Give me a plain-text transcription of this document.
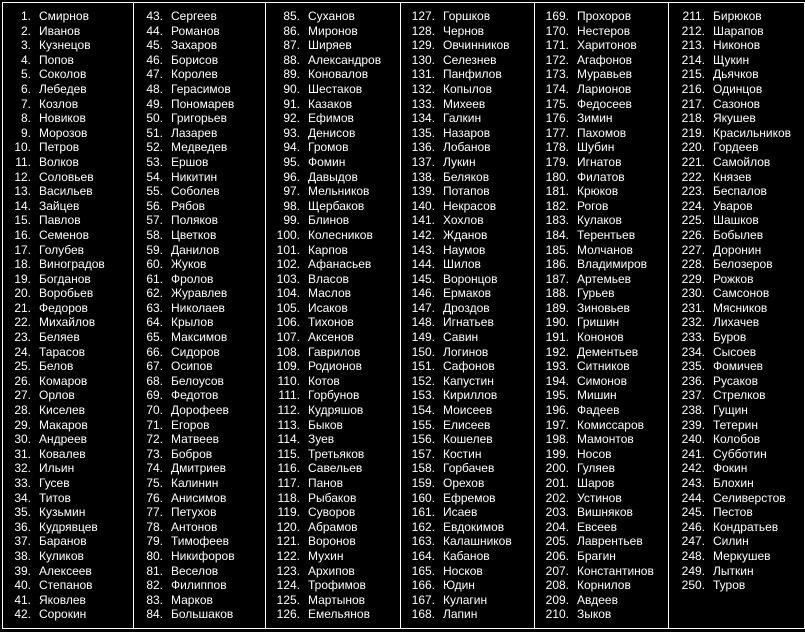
1. Смирнов
2. Иванов
3. Кузнецов
4. Попов
5. Соколов
6. Лебедев
7. Козлов
8. Новиков
9. Морозов
10. Петров
11. Волков
12. Соловьев
13. Васильев
14. Зайцев
15. Павлов
16. Семенов
17. Голубев
18. Виноградов
19. Богданов
20. Воробьев
21. Федоров
22. Михайлов
23. Беляев
24. Тарасов
25. Белов
26. Комаров
27. Орлов
28. Киселев
29. Макаров
30. Андреев
31. Ковалев
32. Ильин
33. Гусев
34. Титов
35. Кузьмин
36. Кудрявцев
37. Баранов
38. Куликов
39. Алексеев
40. Степанов
41. Яковлев
42. Сорокин
43. Сергеев
44. Романов
45. Захаров
46. Борисов
47. Королев
48. Герасимов
49. Пономарев
50. Григорьев
51. Лазарев
52. Медведев
53. Ершов
54. Никитин
55. Соболев
56. Рябов
57. Поляков
58. Цветков
59. Данилов
60. Жуков
61. Фролов
62. Журавлев
63. Николаев
64. Крылов
65. Максимов
66. Сидоров
67. Осипов
68. Белоусов
69. Федотов
70. Дорофеев
71. Егоров
72. Матвеев
73. Бобров
74. Дмитриев
75. Калинин
76. Анисимов
77. Петухов
78. Антонов
79. Тимофеев
80. Никифоров
81. Веселов
82. Филиппов
83. Марков
84. Большаков
85. Суханов
86. Миронов
87. Ширяев
88. Александров
89. Коновалов
90. Шестаков
91. Казаков
92. Ефимов
93. Денисов
94. Громов
95. Фомин
96. Давыдов
97. Мельников
98. Щербаков
99. Блинов
100. Колесников
101. Карпов
102. Афанасьев
103. Власов
104. Маслов
105. Исаков
106. Тихонов
107. Аксенов
108. Гаврилов
109. Родионов
110. Котов
111. Горбунов
112. Кудряшов
113. Быков
114. Зуев
115. Третьяков
116. Савельев
117. Панов
118. Рыбаков
119. Суворов
120. Абрамов
121. Воронов
122. Мухин
123. Архипов
124. Трофимов
125. Мартынов
126. Емельянов
127. Горшков
128. Чернов
129. Овчинников
130. Селезнев
131. Панфилов
132. Копылов
133. Михеев
134. Галкин
135. Назаров
136. Лобанов
137. Лукин
138. Беляков
139. Потапов
140. Некрасов
141. Хохлов
142. Жданов
143. Наумов
144. Шилов
145. Воронцов
146. Ермаков
147. Дроздов
148. Игнатьев
149. Савин
150. Логинов
151. Сафонов
152. Капустин
153. Кириллов
154. Моисеев
155. Елисеев
156. Кошелев
157. Костин
158. Горбачев
159. Орехов
160. Ефремов
161. Исаев
162. Евдокимов
163. Калашников
164. Кабанов
165. Носков
166. Юдин
167. Кулагин
168. Лапин
169. Прохоров
170. Нестеров
171. Харитонов
172. Агафонов
173. Муравьев
174. Ларионов
175. Федосеев
176. Зимин
177. Пахомов
178. Шубин
179. Игнатов
180. Филатов
181. Крюков
182. Рогов
183. Кулаков
184. Терентьев
185. Молчанов
186. Владимиров
187. Артемьев
188. Гурьев
189. Зиновьев
190. Гришин
191. Кононов
192. Дементьев
193. Ситников
194. Симонов
195. Мишин
196. Фадеев
197. Комиссаров
198. Мамонтов
199. Носов
200. Гуляев
201. Шаров
202. Устинов
203. Вишняков
204. Евсеев
205. Лаврентьев
206. Брагин
207. Константинов
208. Корнилов
209. Авдеев
210. Зыков
211. Бирюков
212. Шарапов
213. Никонов
214. Щукин
215. Дьячков
216. Одинцов
217. Сазонов
218. Якушев
219. Красильников
220. Гордеев
221. Самойлов
222. Князев
223. Беспалов
224. Уваров
225. Шашков
226. Бобылев
227. Доронин
228. Белозеров
229. Рожков
230. Самсонов
231. Мясников
232. Лихачев
233. Буров
234. Сысоев
235. Фомичев
236. Русаков
237. Стрелков
238. Гущин
239. Тетерин
240. Колобов
241. Субботин
242. Фокин
243. Блохин
244. Селиверстов
245. Пестов
246. Кондратьев
247. Силин
248. Меркушев
249. Лыткин
250. Туров
